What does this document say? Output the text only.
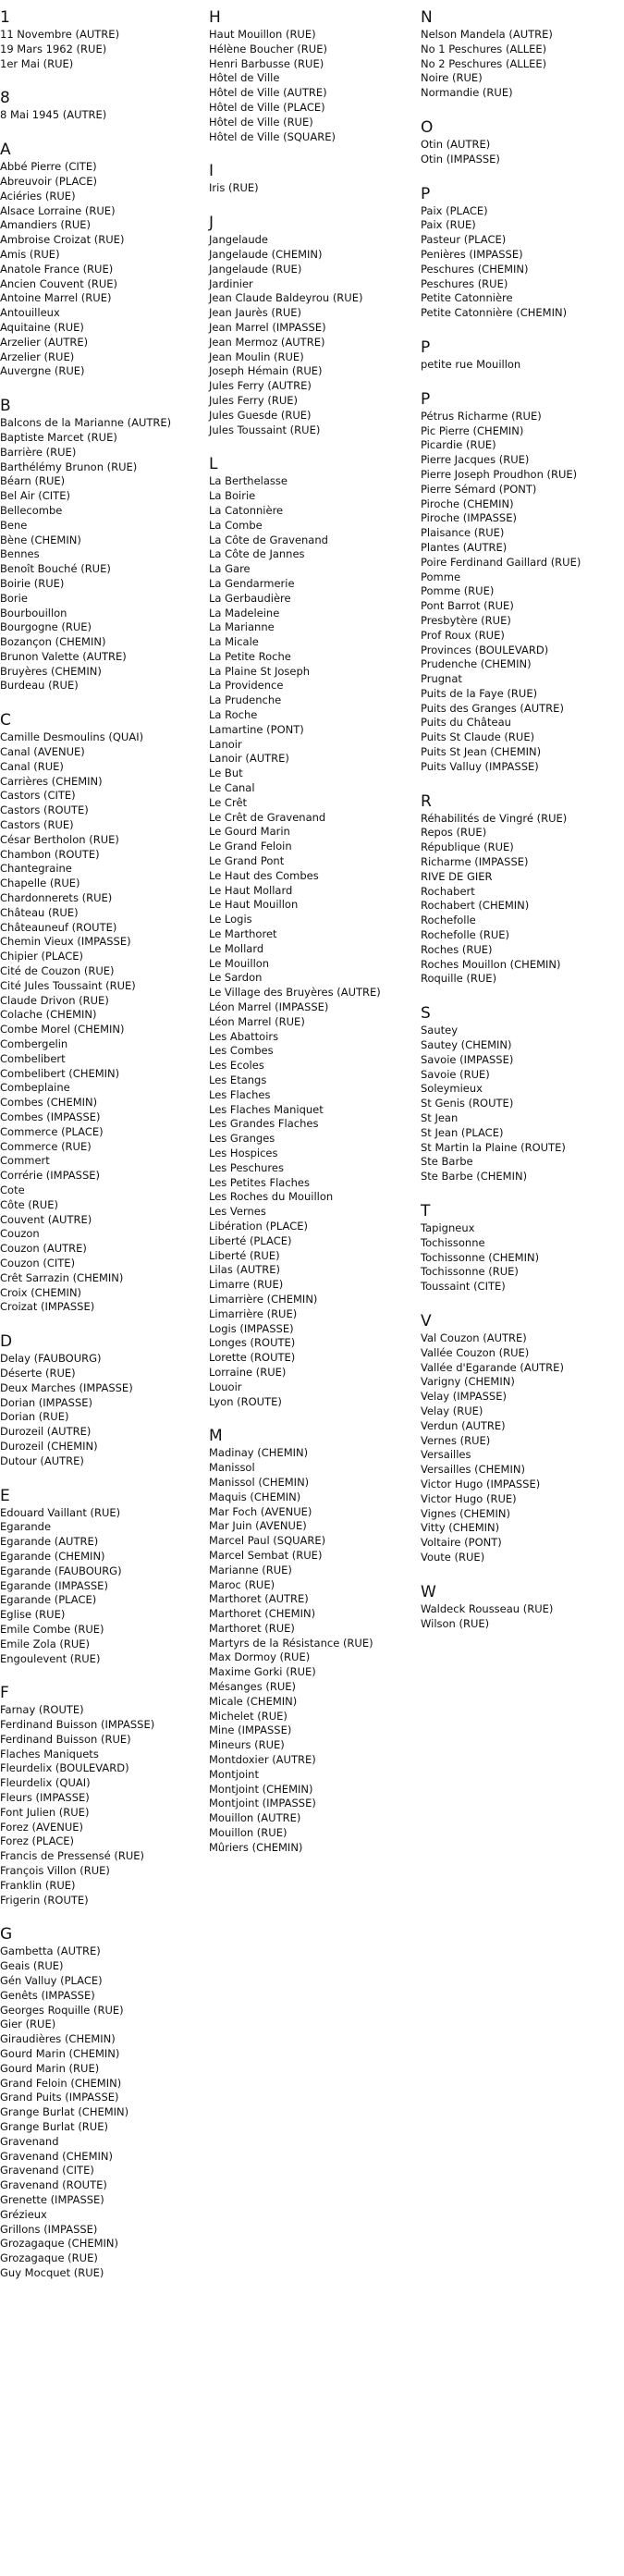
1
11 Novembre (AUTRE)
19 Mars 1962 (RUE)
1er Mai (RUE)
8
8 Mai 1945 (AUTRE)
A
Abbé Pierre (CITE)
Abreuvoir (PLACE)
Aciéries (RUE)
Alsace Lorraine (RUE)
Amandiers (RUE)
Ambroise Croizat (RUE)
Amis (RUE)
Anatole France (RUE)
Ancien Couvent (RUE)
Antoine Marrel (RUE)
Antouilleux
Aquitaine (RUE)
Arzelier (AUTRE)
Arzelier (RUE)
Auvergne (RUE)
B
Balcons de la Marianne (AUTRE)
Baptiste Marcet (RUE)
Barrière (RUE)
Barthélémy Brunon (RUE)
Béarn (RUE)
Bel Air (CITE)
Bellecombe
Bene
Bène (CHEMIN)
Bennes
Benoît Bouché (RUE)
Boirie (RUE)
Borie
Bourbouillon
Bourgogne (RUE)
Bozançon (CHEMIN)
Brunon Valette (AUTRE)
Bruyères (CHEMIN)
Burdeau (RUE)
C
Camille Desmoulins (QUAI)
Canal (AVENUE)
Canal (RUE)
Carrières (CHEMIN)
Castors (CITE)
Castors (ROUTE)
Castors (RUE)
César Bertholon (RUE)
Chambon (ROUTE)
Chantegraine
Chapelle (RUE)
Chardonnerets (RUE)
Château (RUE)
Châteauneuf (ROUTE)
Chemin Vieux (IMPASSE)
Chipier (PLACE)
Cité de Couzon (RUE)
Cité Jules Toussaint (RUE)
Claude Drivon (RUE)
Colache (CHEMIN)
Combe Morel (CHEMIN)
Combergelin
Combelibert
Combelibert (CHEMIN)
Combeplaine
Combes (CHEMIN)
Combes (IMPASSE)
Commerce (PLACE)
Commerce (RUE)
Commert
Corrérie (IMPASSE)
Cote
Côte (RUE)
Couvent (AUTRE)
Couzon
Couzon (AUTRE)
Couzon (CITE)
Crêt Sarrazin (CHEMIN)
Croix (CHEMIN)
Croizat (IMPASSE)
D
Delay (FAUBOURG)
Déserte (RUE)
Deux Marches (IMPASSE)
Dorian (IMPASSE)
Dorian (RUE)
Durozeil (AUTRE)
Durozeil (CHEMIN)
Dutour (AUTRE)
E
Edouard Vaillant (RUE)
Egarande
Egarande (AUTRE)
Egarande (CHEMIN)
Egarande (FAUBOURG)
Egarande (IMPASSE)
Egarande (PLACE)
Eglise (RUE)
Emile Combe (RUE)
Emile Zola (RUE)
Engoulevent (RUE)
F
Farnay (ROUTE)
Ferdinand Buisson (IMPASSE)
Ferdinand Buisson (RUE)
Flaches Maniquets
Fleurdelix (BOULEVARD)
Fleurdelix (QUAI)
Fleurs (IMPASSE)
Font Julien (RUE)
Forez (AVENUE)
Forez (PLACE)
Francis de Pressensé (RUE)
François Villon (RUE)
Franklin (RUE)
Frigerin (ROUTE)
G
Gambetta (AUTRE)
Geais (RUE)
Gén Valluy (PLACE)
Genêts (IMPASSE)
Georges Roquille (RUE)
Gier (RUE)
Giraudières (CHEMIN)
Gourd Marin (CHEMIN)
Gourd Marin (RUE)
Grand Feloin (CHEMIN)
Grand Puits (IMPASSE)
Grange Burlat (CHEMIN)
Grange Burlat (RUE)
Gravenand
Gravenand (CHEMIN)
Gravenand (CITE)
Gravenand (ROUTE)
Grenette (IMPASSE)
Grézieux
Grillons (IMPASSE)
Grozagaque (CHEMIN)
Grozagaque (RUE)
Guy Mocquet (RUE)
H
Haut Mouillon (RUE)
Hélène Boucher (RUE)
Henri Barbusse (RUE)
Hôtel de Ville
Hôtel de Ville (AUTRE)
Hôtel de Ville (PLACE)
Hôtel de Ville (RUE)
Hôtel de Ville (SQUARE)
I
Iris (RUE)
J
Jangelaude
Jangelaude (CHEMIN)
Jangelaude (RUE)
Jardinier
Jean Claude Baldeyrou (RUE)
Jean Jaurès (RUE)
Jean Marrel (IMPASSE)
Jean Mermoz (AUTRE)
Jean Moulin (RUE)
Joseph Hémain (RUE)
Jules Ferry (AUTRE)
Jules Ferry (RUE)
Jules Guesde (RUE)
Jules Toussaint (RUE)
L
La Berthelasse
La Boirie
La Catonnière
La Combe
La Côte de Gravenand
La Côte de Jannes
La Gare
La Gendarmerie
La Gerbaudière
La Madeleine
La Marianne
La Micale
La Petite Roche
La Plaine St Joseph
La Providence
La Prudenche
La Roche
Lamartine (PONT)
Lanoir
Lanoir (AUTRE)
Le But
Le Canal
Le Crêt
Le Crêt de Gravenand
Le Gourd Marin
Le Grand Feloin
Le Grand Pont
Le Haut des Combes
Le Haut Mollard
Le Haut Mouillon
Le Logis
Le Marthoret
Le Mollard
Le Mouillon
Le Sardon
Le Village des Bruyères (AUTRE)
Léon Marrel (IMPASSE)
Léon Marrel (RUE)
Les Abattoirs
Les Combes
Les Ecoles
Les Etangs
Les Flaches
Les Flaches Maniquet
Les Grandes Flaches
Les Granges
Les Hospices
Les Peschures
Les Petites Flaches
Les Roches du Mouillon
Les Vernes
Libération (PLACE)
Liberté (PLACE)
Liberté (RUE)
Lilas (AUTRE)
Limarre (RUE)
Limarrière (CHEMIN)
Limarrière (RUE)
Logis (IMPASSE)
Longes (ROUTE)
Lorette (ROUTE)
Lorraine (RUE)
Louoir
Lyon (ROUTE)
M
Madinay (CHEMIN)
Manissol
Manissol (CHEMIN)
Maquis (CHEMIN)
Mar Foch (AVENUE)
Mar Juin (AVENUE)
Marcel Paul (SQUARE)
Marcel Sembat (RUE)
Marianne (RUE)
Maroc (RUE)
Marthoret (AUTRE)
Marthoret (CHEMIN)
Marthoret (RUE)
Martyrs de la Résistance (RUE)
Max Dormoy (RUE)
Maxime Gorki (RUE)
Mésanges (RUE)
Micale (CHEMIN)
Michelet (RUE)
Mine (IMPASSE)
Mineurs (RUE)
Montdoxier (AUTRE)
Montjoint
Montjoint (CHEMIN)
Montjoint (IMPASSE)
Mouillon (AUTRE)
Mouillon (RUE)
Mûriers (CHEMIN)
N
Nelson Mandela (AUTRE)
No 1 Peschures (ALLEE)
No 2 Peschures (ALLEE)
Noire (RUE)
Normandie (RUE)
O
Otin (AUTRE)
Otin (IMPASSE)
P
Paix (PLACE)
Paix (RUE)
Pasteur (PLACE)
Penières (IMPASSE)
Peschures (CHEMIN)
Peschures (RUE)
Petite Catonnière
Petite Catonnière (CHEMIN)
P
petite rue Mouillon
P
Pétrus Richarme (RUE)
Pic Pierre (CHEMIN)
Picardie (RUE)
Pierre Jacques (RUE)
Pierre Joseph Proudhon (RUE)
Pierre Sémard (PONT)
Piroche (CHEMIN)
Piroche (IMPASSE)
Plaisance (RUE)
Plantes (AUTRE)
Poire Ferdinand Gaillard (RUE)
Pomme
Pomme (RUE)
Pont Barrot (RUE)
Presbytère (RUE)
Prof Roux (RUE)
Provinces (BOULEVARD)
Prudenche (CHEMIN)
Prugnat
Puits de la Faye (RUE)
Puits des Granges (AUTRE)
Puits du Château
Puits St Claude (RUE)
Puits St Jean (CHEMIN)
Puits Valluy (IMPASSE)
R
Réhabilités de Vingré (RUE)
Repos (RUE)
République (RUE)
Richarme (IMPASSE)
RIVE DE GIER
Rochabert
Rochabert (CHEMIN)
Rochefolle
Rochefolle (RUE)
Roches (RUE)
Roches Mouillon (CHEMIN)
Roquille (RUE)
S
Sautey
Sautey (CHEMIN)
Savoie (IMPASSE)
Savoie (RUE)
Soleymieux
St Genis (ROUTE)
St Jean
St Jean (PLACE)
St Martin la Plaine (ROUTE)
Ste Barbe
Ste Barbe (CHEMIN)
T
Tapigneux
Tochissonne
Tochissonne (CHEMIN)
Tochissonne (RUE)
Toussaint (CITE)
V
Val Couzon (AUTRE)
Vallée Couzon (RUE)
Vallée d'Egarande (AUTRE)
Varigny (CHEMIN)
Velay (IMPASSE)
Velay (RUE)
Verdun (AUTRE)
Vernes (RUE)
Versailles
Versailles (CHEMIN)
Victor Hugo (IMPASSE)
Victor Hugo (RUE)
Vignes (CHEMIN)
Vitty (CHEMIN)
Voltaire (PONT)
Voute (RUE)
W
Waldeck Rousseau (RUE)
Wilson (RUE)
